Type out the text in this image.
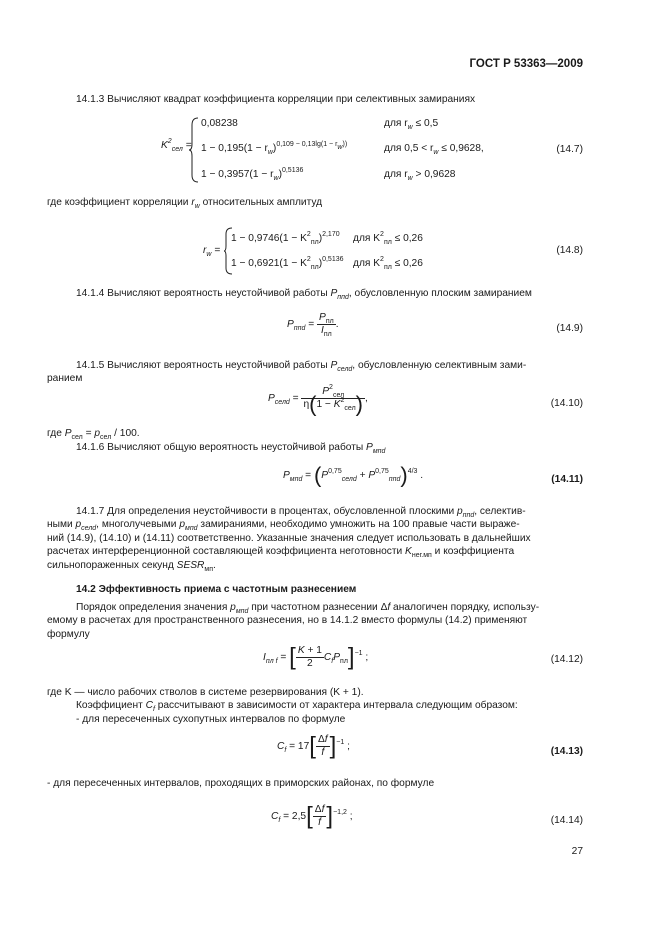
ГОСТ Р 53363—2009
14.1.3 Вычисляют квадрат коэффициента корреляции при селективных замираниях
$K^2_{сел}$ =
0,08238	для $r_w \le 0,5$
$1 - 0,195(1 - r_w)^{0,109 - 0,13lg(1 - r_w))}$	для $0,5 < r_w \le 0,9628$,
$1 - 0,3957(1 - r_w)^{0,5136}$	для $r_w > 0,9628$
(14.7)
где коэффициент корреляции $r_w$ относительных амплитуд
$r_w$ =
$1 - 0,9746(1 - K^2_{пл})^{2,170}$ для $K^2_{пл} \le 0,26$
$1 - 0,6921(1 - K^2_{пл})^{0,5136}$ для $K^2_{пл} \le 0,26$
(14.8)
14.1.4 Вычисляют вероятность неустойчивой работы $P_{ппd}$, обусловленную плоским замиранием
$P_{ппd} = \frac{P_{пл}}{I_{пл}}$ .	(14.9)
14.1.5 Вычисляют вероятность неустойчивой работы $P_{селd}$, обусловленную селективным зами-
ранием
$P_{селd} = \frac{P^2_{сел}}{\eta(1 - K^2_{сел})}$ ,	(14.10)
где $P_{сел} = p_{сел} / 100$.
14.1.6 Вычисляют общую вероятность неустойчивой работы $P_{мпd}$
$P_{мпd} = (P^{0,75}_{селd} + P^{0,75}_{ппd})^{4/3}$ .	(14.11)
14.1.7 Для определения неустойчивости в процентах, обусловленной плоскими $p_{ппd}$, селектив-
ными $p_{селd}$, многолучевыми $p_{мпd}$ замираниями, необходимо умножить на 100 правые части выраже-
ний (14.9), (14.10) и (14.11) соответственно. Указанные значения следует использовать в дальнейших
расчетах интерференционной составляющей коэффициента неготовности $K_{нег.мп}$ и коэффициента
сильнопораженных секунд $SESR_{мп}$.
14.2 Эффективность приема с частотным разнесением
Порядок определения значения $p_{мпd}$ при частотном разнесении Δf аналогичен порядку, использу-
емому в расчетах для пространственного разнесения, но в 14.1.2 вместо формулы (14.2) применяют
формулу
$I_{пл f}$ = [ $\frac{K + 1}{2} C_fP_{пл}]^{-1}$ ;	(14.12)
где K — число рабочих стволов в системе резервирования (K + 1).
Коэффициент $C_f$ рассчитывают в зависимости от характера интервала следующим образом:
- для пересеченных сухопутных интервалов по формуле
$C_f = 17[ \frac{\Delta f}{f} ]^{-1}$ ;	(14.13)
- для пересеченных интервалов, проходящих в приморских районах, по формуле
$C_f = 2,5[ \frac{\Delta f}{f} ]^{-1,2}$ ;	(14.14)
27
